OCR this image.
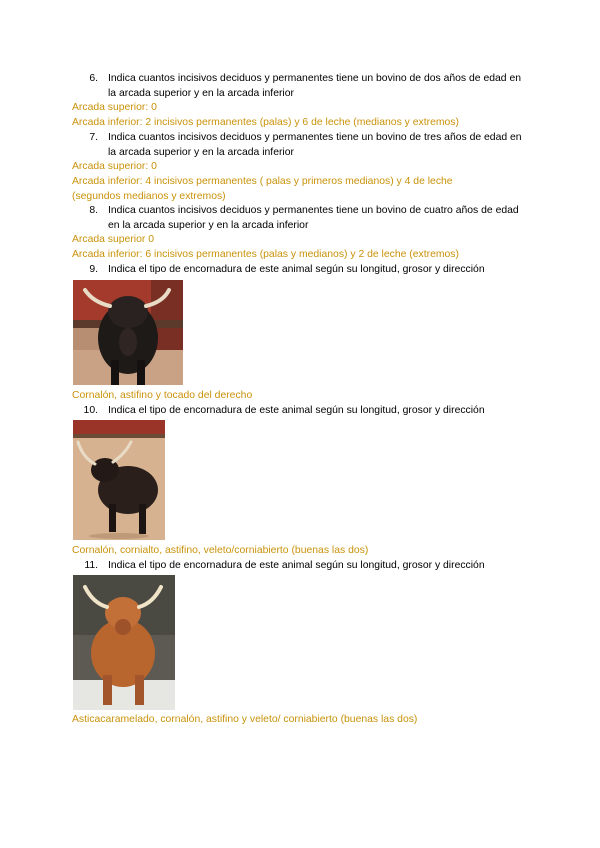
6. Indica cuantos incisivos deciduos y permanentes tiene un bovino de dos años de edad en la arcada superior y en la arcada inferior
Arcada superior: 0
Arcada inferior: 2 incisivos permanentes (palas) y 6 de leche (medianos y extremos)
7. Indica cuantos incisivos deciduos y permanentes tiene un bovino de tres años de edad en la arcada superior y en la arcada inferior
Arcada superior: 0
Arcada inferior: 4 incisivos permanentes ( palas y primeros medianos) y 4 de leche (segundos medianos y extremos)
8. Indica cuantos incisivos deciduos y permanentes tiene un bovino de cuatro años de edad en la arcada superior y en la arcada inferior
Arcada superior 0
Arcada inferior: 6 incisivos permanentes (palas y medianos) y 2 de leche (extremos)
9. Indica el tipo de encornadura de este animal según su longitud, grosor y dirección
Cornalón, astifino y tocado del derecho
10. Indica el tipo de encornadura de este animal según su longitud, grosor y dirección
Cornalón, cornialto, astifino, veleto/corniabierto (buenas las dos)
11. Indica el tipo de encornadura de este animal según su longitud, grosor y dirección
Asticacaramelado, cornalón, astifino y veleto/ corniabierto (buenas las dos)
